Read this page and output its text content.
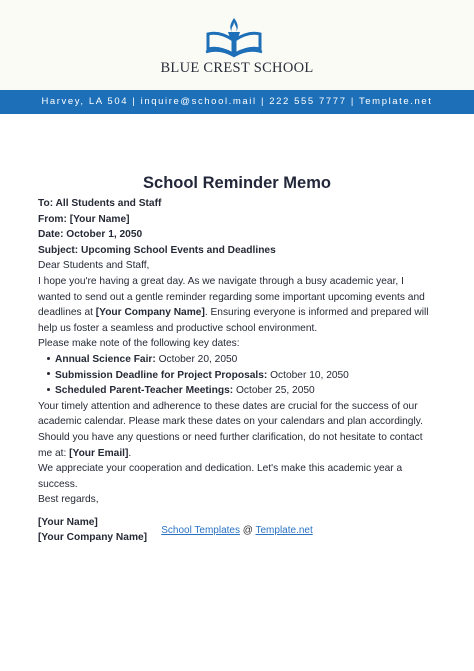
BLUE CREST SCHOOL
Harvey, LA 504 | inquire@school.mail | 222 555 7777 | Template.net
School Reminder Memo

To: All Students and Staff

From: [Your Name]

Date: October 1, 2050

Subject: Upcoming School Events and Deadlines

Dear Students and Staff,

I hope you're having a great day. As we navigate through a busy academic year, I wanted to send out a gentle reminder regarding some important upcoming events and deadlines at [Your Company Name]. Ensuring everyone is informed and prepared will help us foster a seamless and productive school environment.

Please make note of the following key dates:

Annual Science Fair: October 20, 2050
Submission Deadline for Project Proposals: October 10, 2050
Scheduled Parent-Teacher Meetings: October 25, 2050

Your timely attention and adherence to these dates are crucial for the success of our academic calendar. Please mark these dates on your calendars and plan accordingly. Should you have any questions or need further clarification, do not hesitate to contact me at: [Your Email].

We appreciate your cooperation and dedication. Let's make this academic year a success.

Best regards,

[Your Name]

[Your Company Name]

School Templates @ Template.net
